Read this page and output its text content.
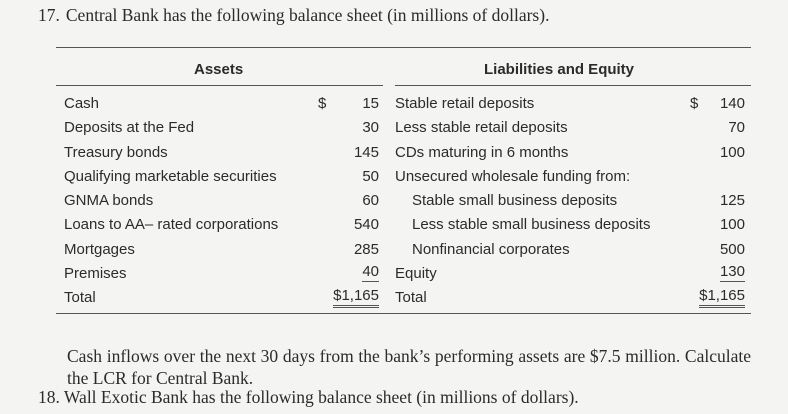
17. Central Bank has the following balance sheet (in millions of dollars).
Assets	Liabilities and Equity
Cash	$ 15 Stable retail deposits	$ 140
Deposits at the Fed	30 Less stable retail deposits	70
Treasury bonds	145 CDs maturing in 6 months	100
Qualifying marketable securities	50 Unsecured wholesale funding from:
GNMA bonds	60 Stable small business deposits	125
Loans to AA– rated corporations	540 Less stable small business deposits	100
Mortgages	285 Nonfinancial corporates	500
Premises	40 Equity	130
Total	$1,165 Total	$1,165
Cash inflows over the next 30 days from the bank’s performing assets are $7.5 million. Calculate the LCR for Central Bank.
18. Wall Exotic Bank has the following balance sheet (in millions of dollars).
